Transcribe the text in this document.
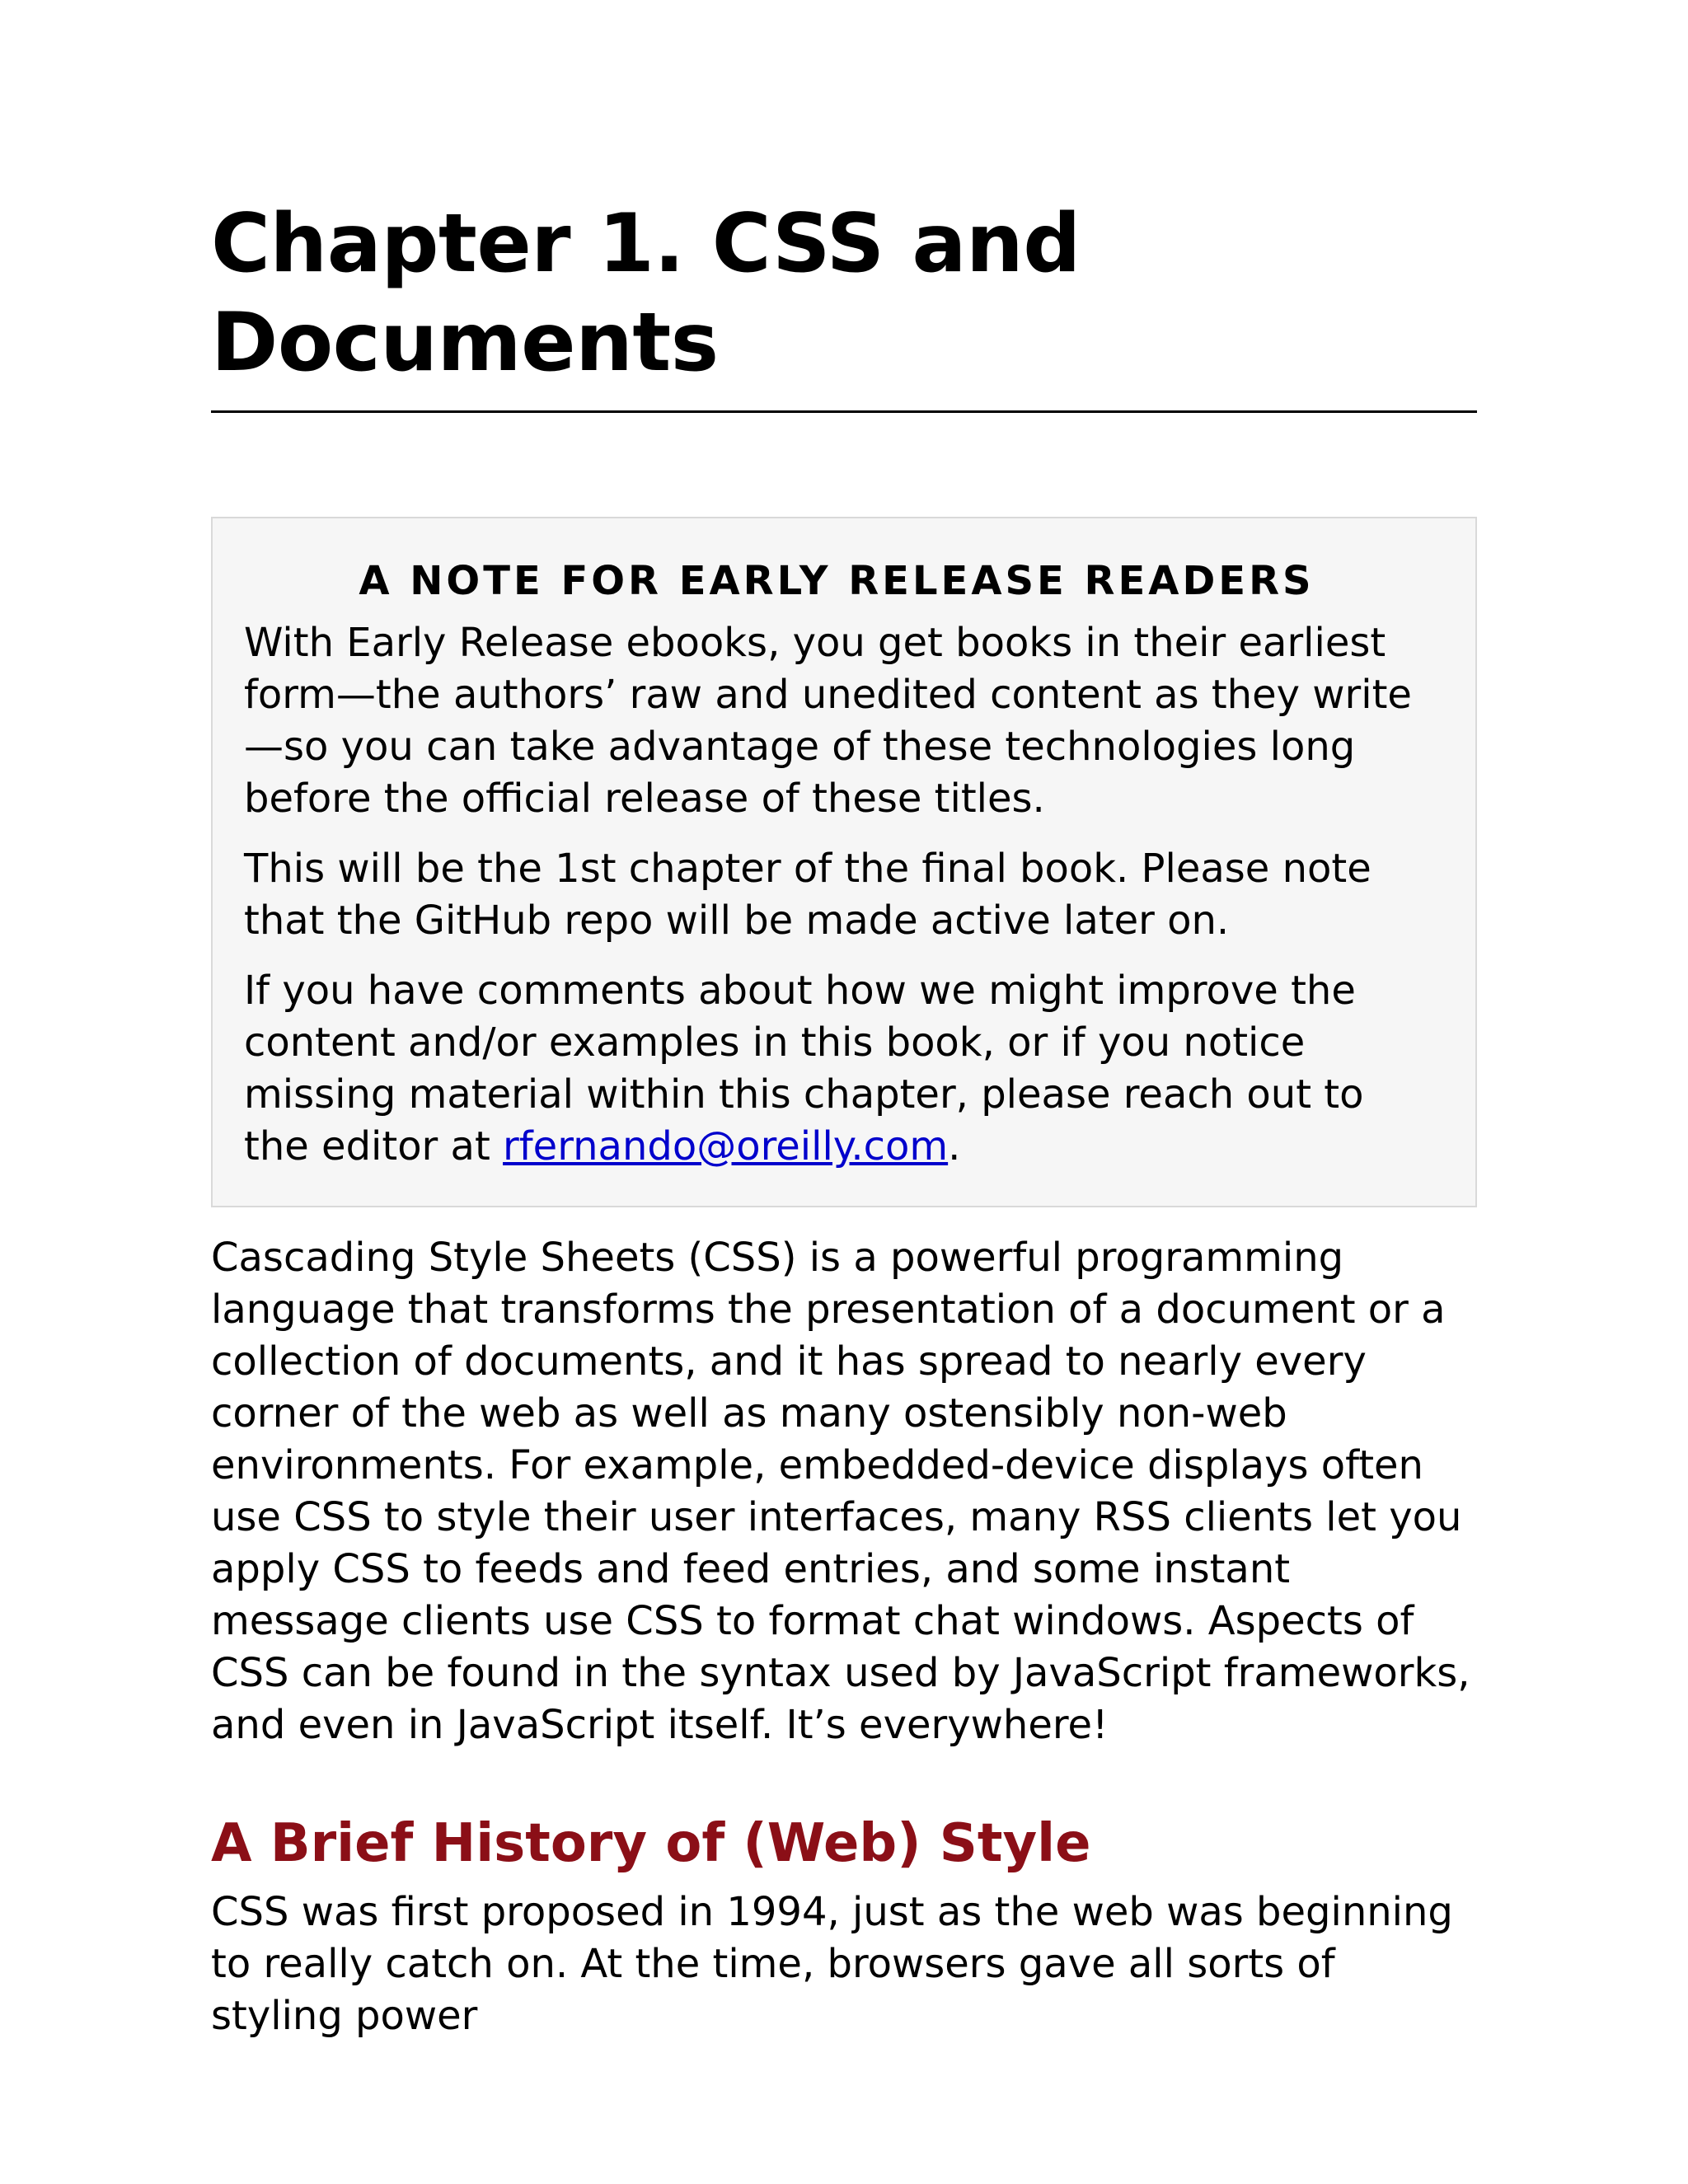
Chapter 1. CSS and
Documents
A NOTE FOR EARLY RELEASE READERS

With Early Release ebooks, you get books in their earliest form—the authors’ raw and unedited content as they write—so you can take advantage of these technologies long before the official release of these titles.

This will be the 1st chapter of the final book. Please note that the GitHub repo will be made active later on.

If you have comments about how we might improve the content and/or examples in this book, or if you notice missing material within this chapter, please reach out to the editor at rfernando@oreilly.com.

Cascading Style Sheets (CSS) is a powerful programming language that transforms the presentation of a document or a collection of documents, and it has spread to nearly every corner of the web as well as many ostensibly non-web environments. For example, embedded-device displays often use CSS to style their user interfaces, many RSS clients let you apply CSS to feeds and feed entries, and some instant message clients use CSS to format chat windows. Aspects of CSS can be found in the syntax used by JavaScript frameworks, and even in JavaScript itself. It’s everywhere!

A Brief History of (Web) Style

CSS was first proposed in 1994, just as the web was beginning to really catch on. At the time, browsers gave all sorts of styling power
